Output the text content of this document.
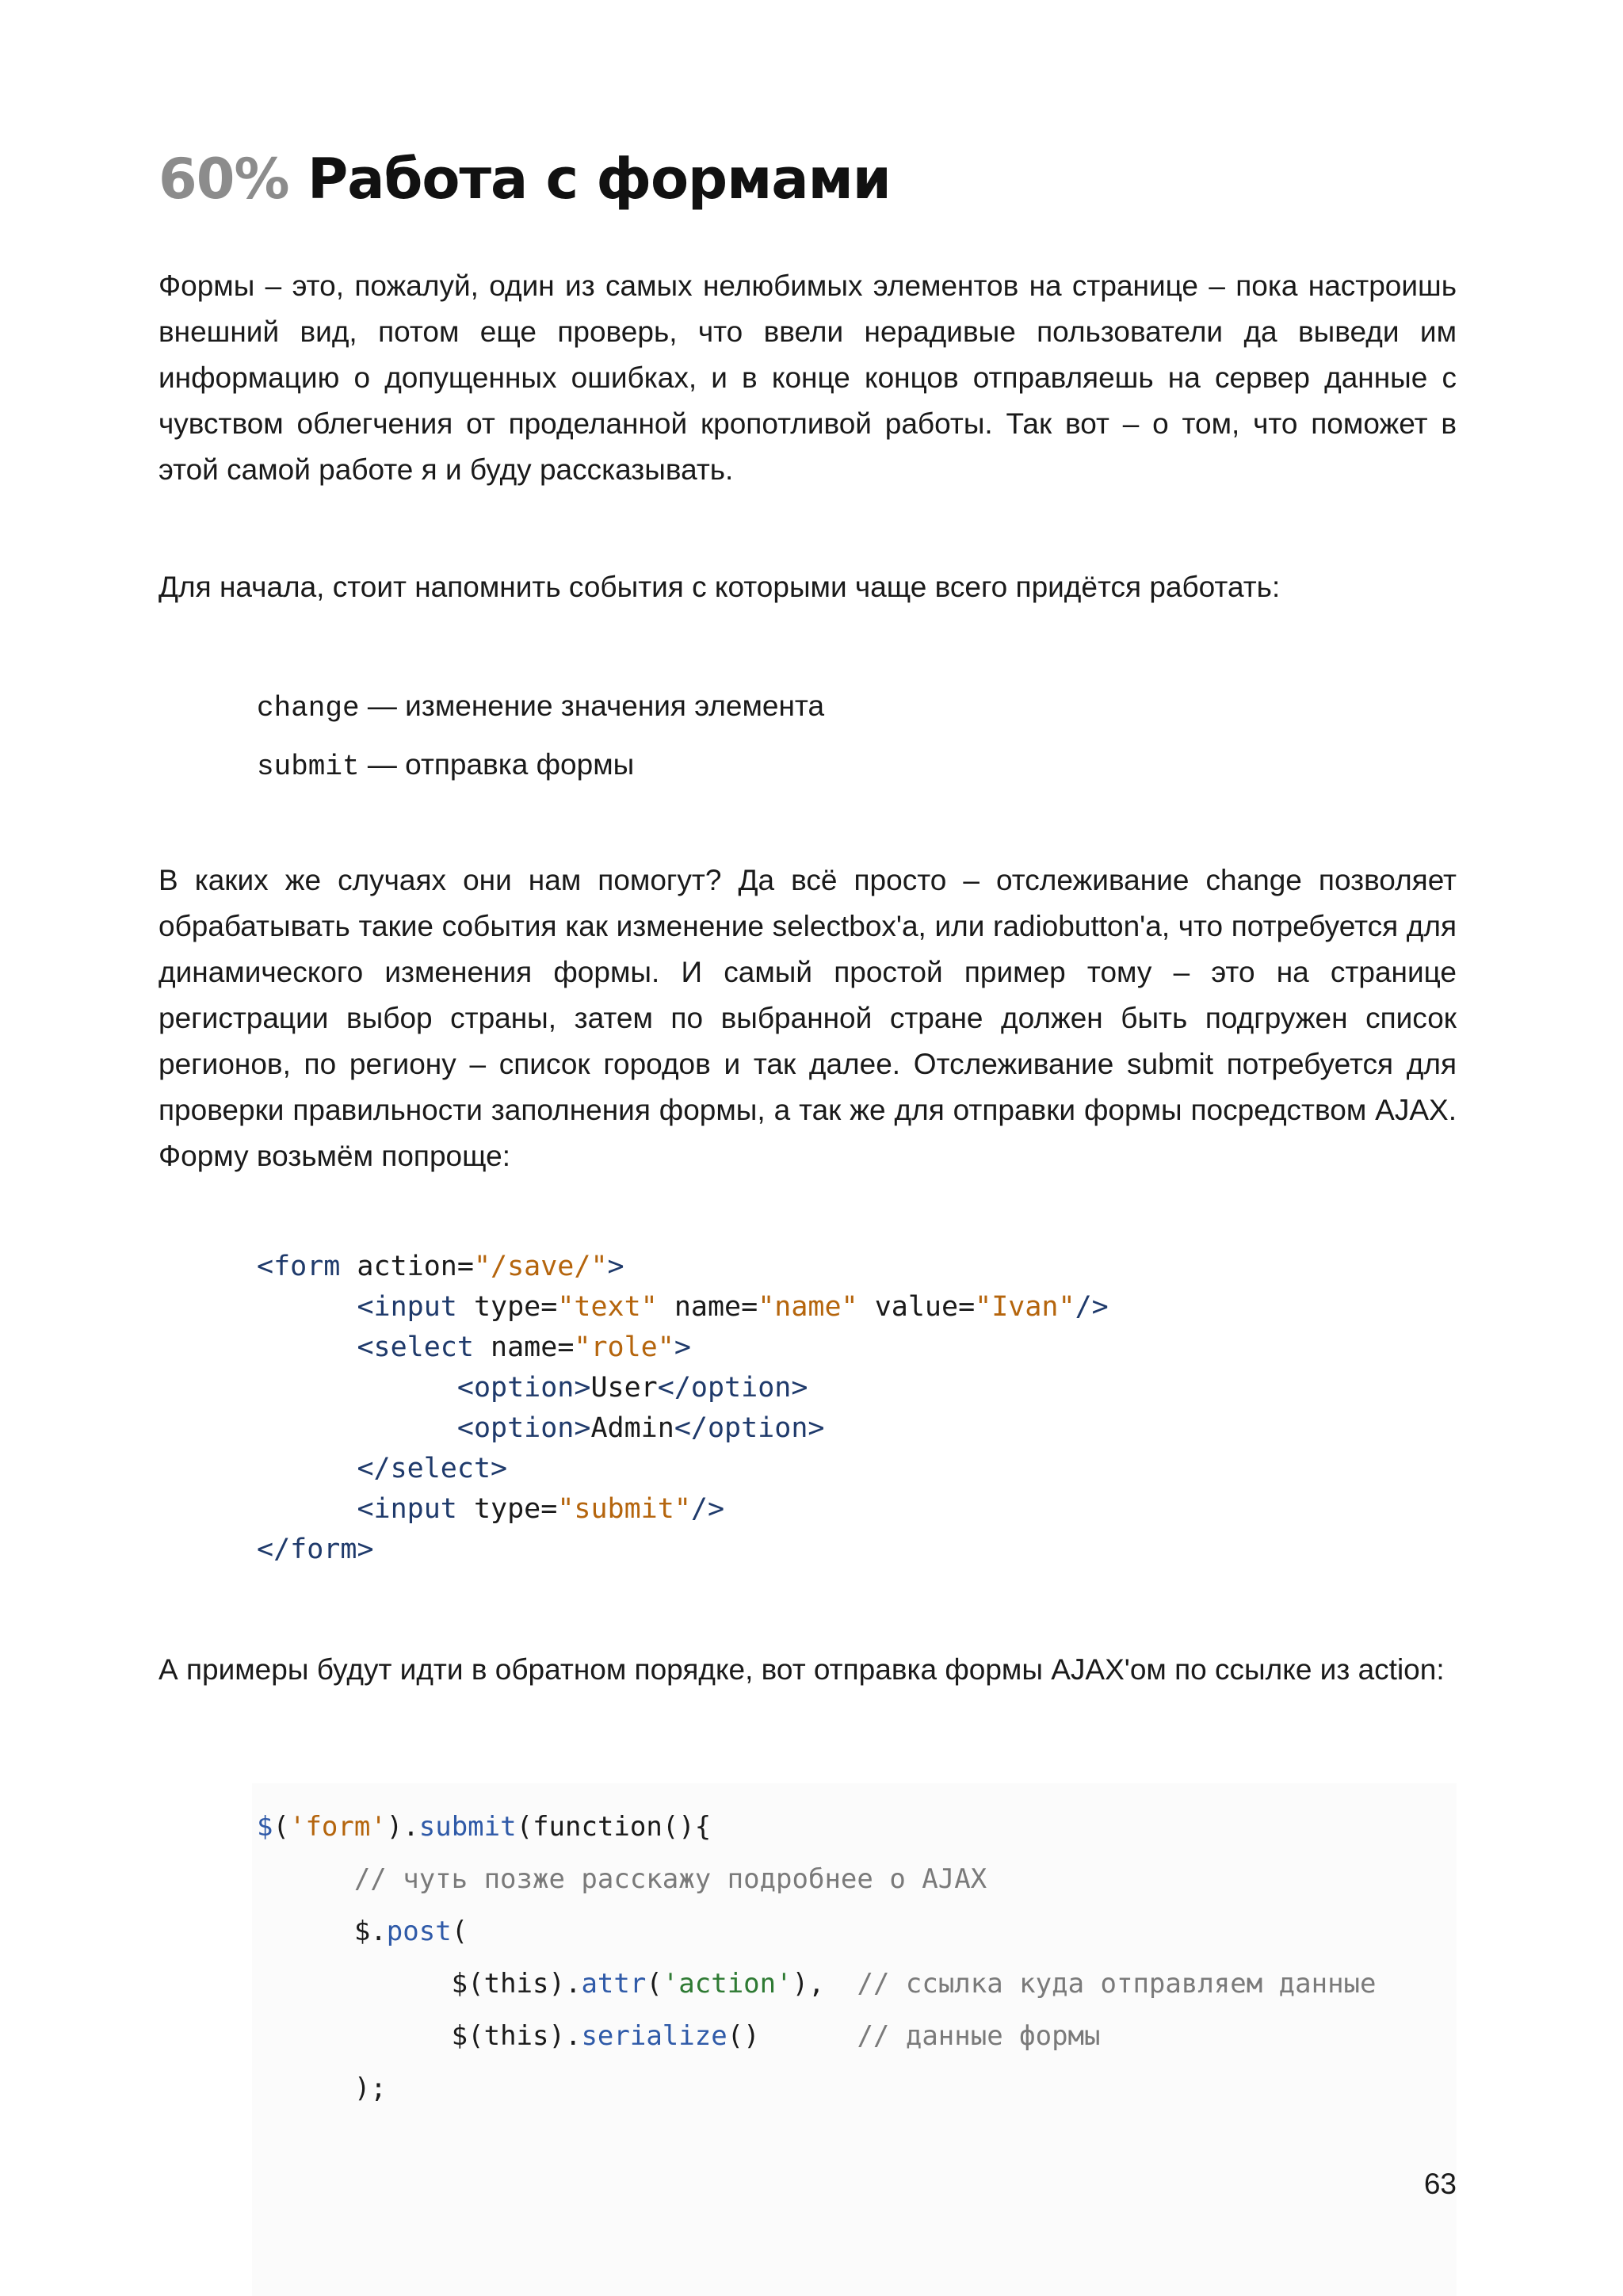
60% Работа с формами

Формы – это, пожалуй, один из самых нелюбимых элементов на странице – пока настроишь внешний вид, потом еще проверь, что ввели нерадивые пользователи да выведи им информацию о допущенных ошибках, и в конце концов отправляешь на сервер данные с чувством облегчения от проделанной кропотливой работы. Так вот – о том, что поможет в этой самой работе я и буду рассказывать.

Для начала, стоит напомнить события с которыми чаще всего придётся работать:

change — изменение значения элемента
submit — отправка формы

В каких же случаях они нам помогут? Да всё просто – отслеживание change позволяет обрабатывать такие события как изменение selectbox'a, или radiobutton'a, что потребуется для динамического изменения формы. И самый простой пример тому – это на странице регистрации выбор страны, затем по выбранной стране должен быть подгружен список регионов, по региону – список городов и так далее. Отслеживание submit потребуется для проверки правильности заполнения формы, а так же для отправки формы посредством AJAX. Форму возьмём попроще:

<form action="/save/">
<input type="text" name="name" value="Ivan"/>
<select name="role">
<option>User</option>
<option>Admin</option>
</select>
<input type="submit"/>
</form>

А примеры будут идти в обратном порядке, вот отправка формы AJAX'ом по ссылке из action:

$('form').submit(function(){
// чуть позже расскажу подробнее о AJAX
$.post(
$(this).attr('action'),  // ссылка куда отправляем данные
$(this).serialize()      // данные формы
);
63
